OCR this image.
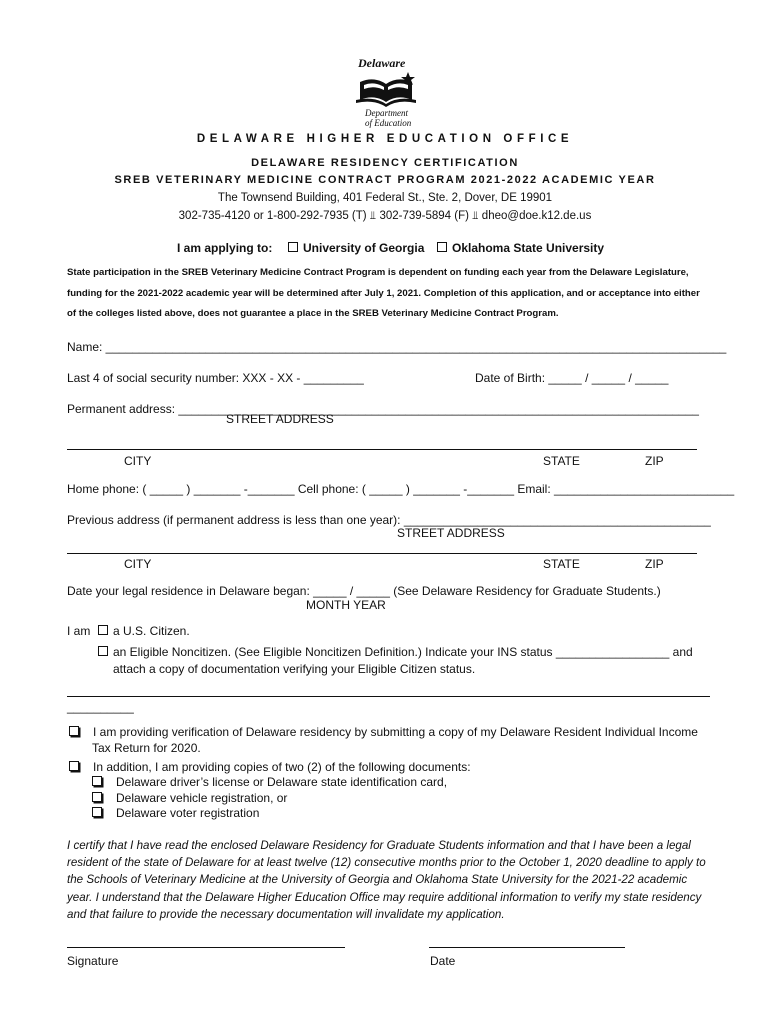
Delaware
Department
of Education
DELAWARE HIGHER EDUCATION OFFICE
DELAWARE RESIDENCY CERTIFICATION
SREB VETERINARY MEDICINE CONTRACT PROGRAM 2021-2022 ACADEMIC YEAR
The Townsend Building, 401 Federal St., Ste. 2, Dover, DE 19901
302-735-4120 or 1-800-292-7935 (T) ⫫ 302-739-5894 (F) ⫫ dheo@doe.k12.de.us
I am applying to:	University of Georgia	Oklahoma State University
State participation in the SREB Veterinary Medicine Contract Program is dependent on funding each year from the Delaware Legislature, funding for the 2021-2022 academic year will be determined after July 1, 2021. Completion of this application, and or acceptance into either of the colleges listed above, does not guarantee a place in the SREB Veterinary Medicine Contract Program.
Name: _____________________________________________________________________________________________
Last 4 of social security number: XXX - XX - _________	Date of Birth: _____ / _____ / _____
Permanent address: ______________________________________________________________________________
STREET ADDRESS
CITY	STATE	ZIP
Home phone: ( _____ ) _______ -_______ Cell phone: ( _____ ) _______ -_______ Email: ___________________________
Previous address (if permanent address is less than one year): ______________________________________________
STREET ADDRESS
CITY	STATE	ZIP
Date your legal residence in Delaware began: _____ / _____ (See Delaware Residency for Graduate Students.)
MONTH YEAR
I am	a U.S. Citizen.
an Eligible Noncitizen. (See Eligible Noncitizen Definition.) Indicate your INS status _________________ and
attach a copy of documentation verifying your Eligible Citizen status.
__________
I am providing verification of Delaware residency by submitting a copy of my Delaware Resident Individual Income
Tax Return for 2020.
In addition, I am providing copies of two (2) of the following documents:
Delaware driver’s license or Delaware state identification card,
Delaware vehicle registration, or
Delaware voter registration
I certify that I have read the enclosed Delaware Residency for Graduate Students information and that I have been a legal resident of the state of Delaware for at least twelve (12) consecutive months prior to the October 1, 2020 deadline to apply to the Schools of Veterinary Medicine at the University of Georgia and Oklahoma State University for the 2021-22 academic year. I understand that the Delaware Higher Education Office may require additional information to verify my state residency and that failure to provide the necessary documentation will invalidate my application.
Signature	Date
